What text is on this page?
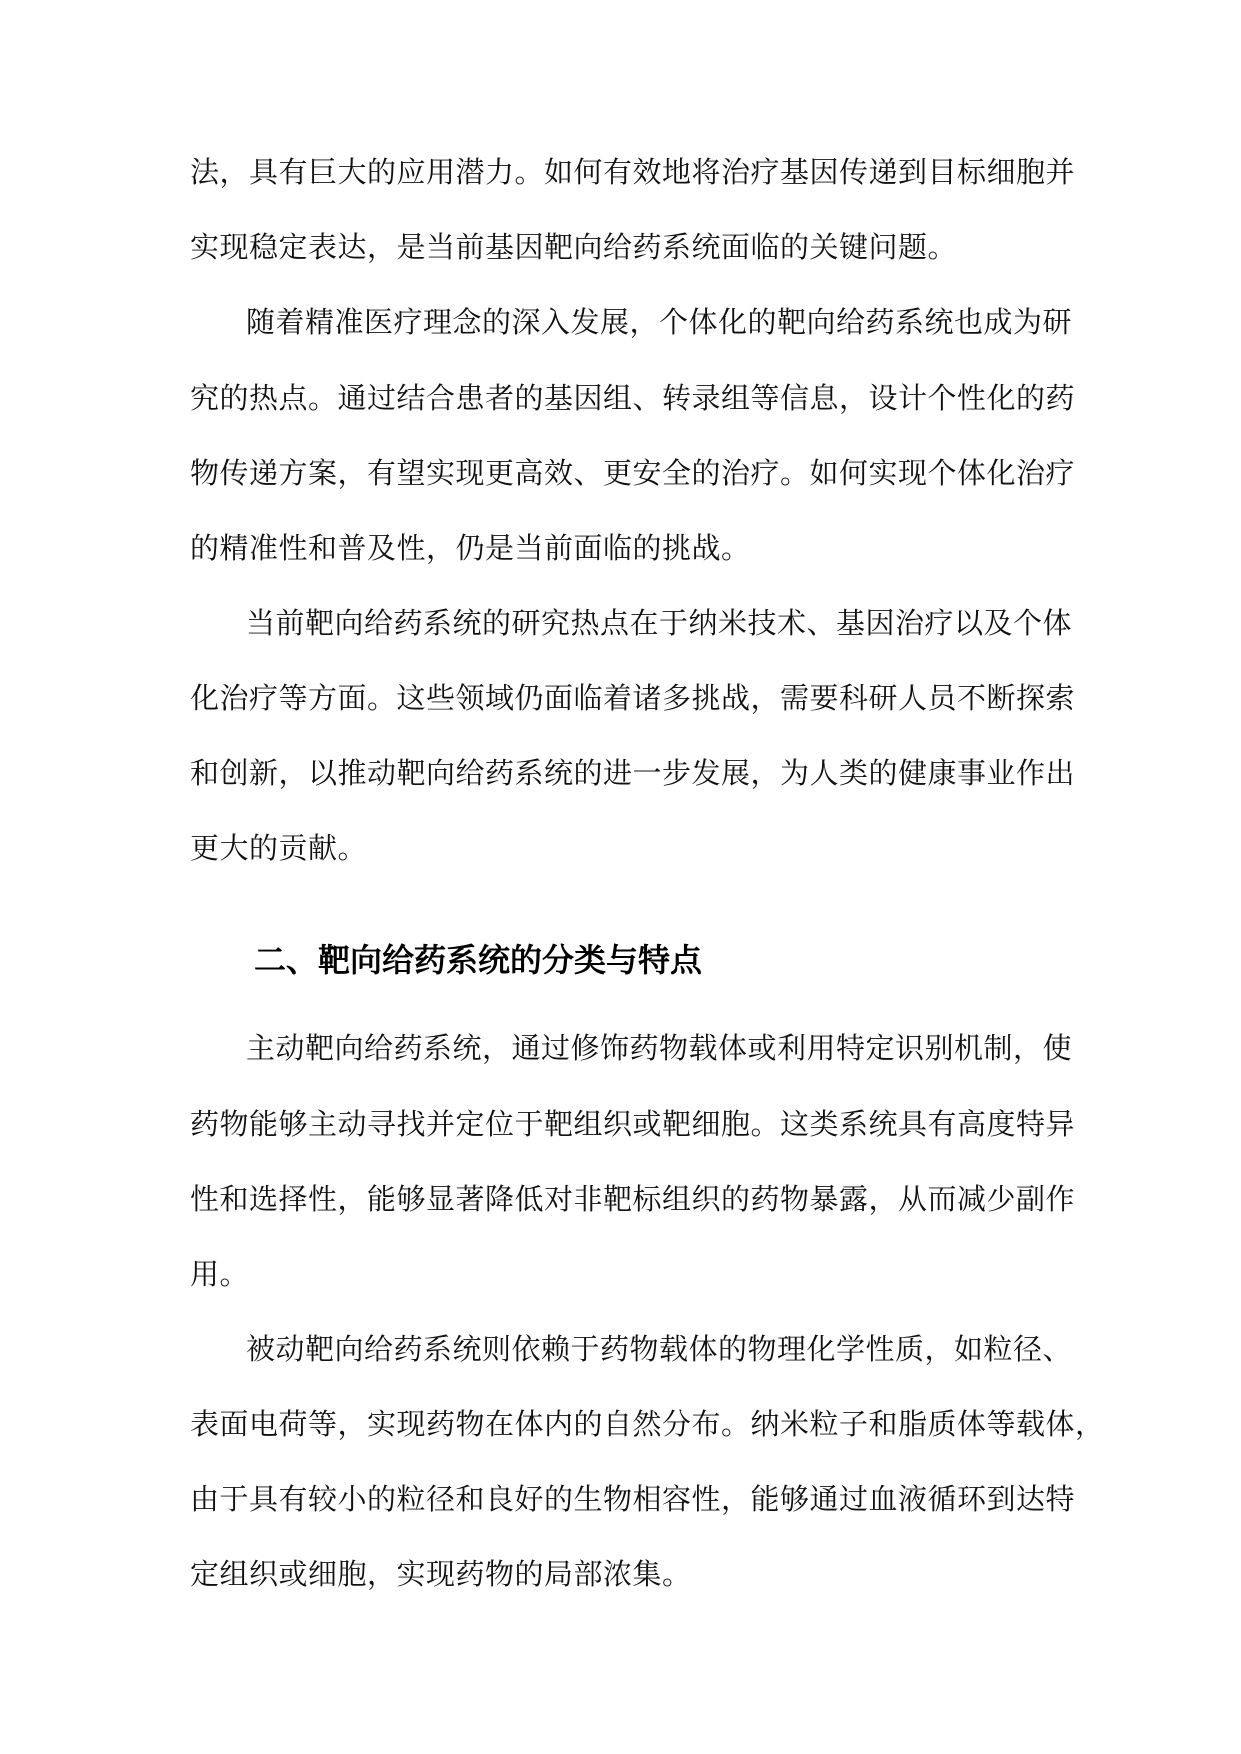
法，具有巨大的应用潜力。如何有效地将治疗基因传递到目标细胞并
实现稳定表达，是当前基因靶向给药系统面临的关键问题。
随着精准医疗理念的深入发展，个体化的靶向给药系统也成为研
究的热点。通过结合患者的基因组、转录组等信息，设计个性化的药
物传递方案，有望实现更高效、更安全的治疗。如何实现个体化治疗
的精准性和普及性，仍是当前面临的挑战。
当前靶向给药系统的研究热点在于纳米技术、基因治疗以及个体
化治疗等方面。这些领域仍面临着诸多挑战，需要科研人员不断探索
和创新，以推动靶向给药系统的进一步发展，为人类的健康事业作出
更大的贡献。
二、靶向给药系统的分类与特点
主动靶向给药系统，通过修饰药物载体或利用特定识别机制，使
药物能够主动寻找并定位于靶组织或靶细胞。这类系统具有高度特异
性和选择性，能够显著降低对非靶标组织的药物暴露，从而减少副作
用。
被动靶向给药系统则依赖于药物载体的物理化学性质，如粒径、
表面电荷等，实现药物在体内的自然分布。纳米粒子和脂质体等载体，
由于具有较小的粒径和良好的生物相容性，能够通过血液循环到达特
定组织或细胞，实现药物的局部浓集。
